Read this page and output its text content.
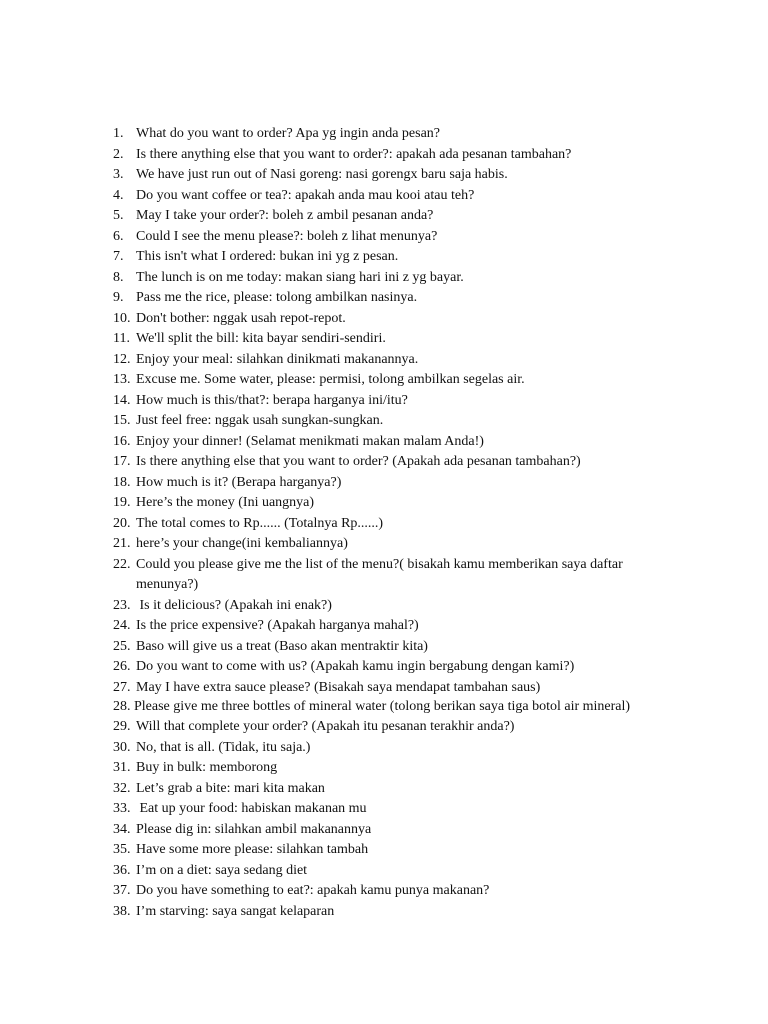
1. What do you want to order? Apa yg ingin anda pesan?
2. Is there anything else that you want to order?: apakah ada pesanan tambahan?
3. We have just run out of Nasi goreng: nasi gorengx baru saja habis.
4. Do you want coffee or tea?: apakah anda mau kooi atau teh?
5. May I take your order?: boleh z ambil pesanan anda?
6. Could I see the menu please?: boleh z lihat menunya?
7. This isn't what I ordered: bukan ini yg z pesan.
8. The lunch is on me today: makan siang hari ini z yg bayar.
9. Pass me the rice, please: tolong ambilkan nasinya.
10. Don't bother: nggak usah repot-repot.
11. We'll split the bill: kita bayar sendiri-sendiri.
12. Enjoy your meal: silahkan dinikmati makanannya.
13. Excuse me. Some water, please: permisi, tolong ambilkan segelas air.
14. How much is this/that?: berapa harganya ini/itu?
15. Just feel free: nggak usah sungkan-sungkan.
16. Enjoy your dinner! (Selamat menikmati makan malam Anda!)
17. Is there anything else that you want to order? (Apakah ada pesanan tambahan?)
18. How much is it? (Berapa harganya?)
19. Here’s the money (Ini uangnya)
20. The total comes to Rp...... (Totalnya Rp......)
21. here’s your change(ini kembaliannya)
22. Could you please give me the list of the menu?( bisakah kamu memberikan saya daftar menunya?)
23. Is it delicious? (Apakah ini enak?)
24. Is the price expensive? (Apakah harganya mahal?)
25. Baso will give us a treat (Baso akan mentraktir kita)
26. Do you want to come with us? (Apakah kamu ingin bergabung dengan kami?)
27. May I have extra sauce please? (Bisakah saya mendapat tambahan saus)
28. Please give me three bottles of mineral water (tolong berikan saya tiga botol air mineral)
29. Will that complete your order? (Apakah itu pesanan terakhir anda?)
30. No, that is all. (Tidak, itu saja.)
31. Buy in bulk: memborong
32. Let’s grab a bite: mari kita makan
33. Eat up your food: habiskan makanan mu
34. Please dig in: silahkan ambil makanannya
35. Have some more please: silahkan tambah
36. I’m on a diet: saya sedang diet
37. Do you have something to eat?: apakah kamu punya makanan?
38. I’m starving: saya sangat kelaparan
